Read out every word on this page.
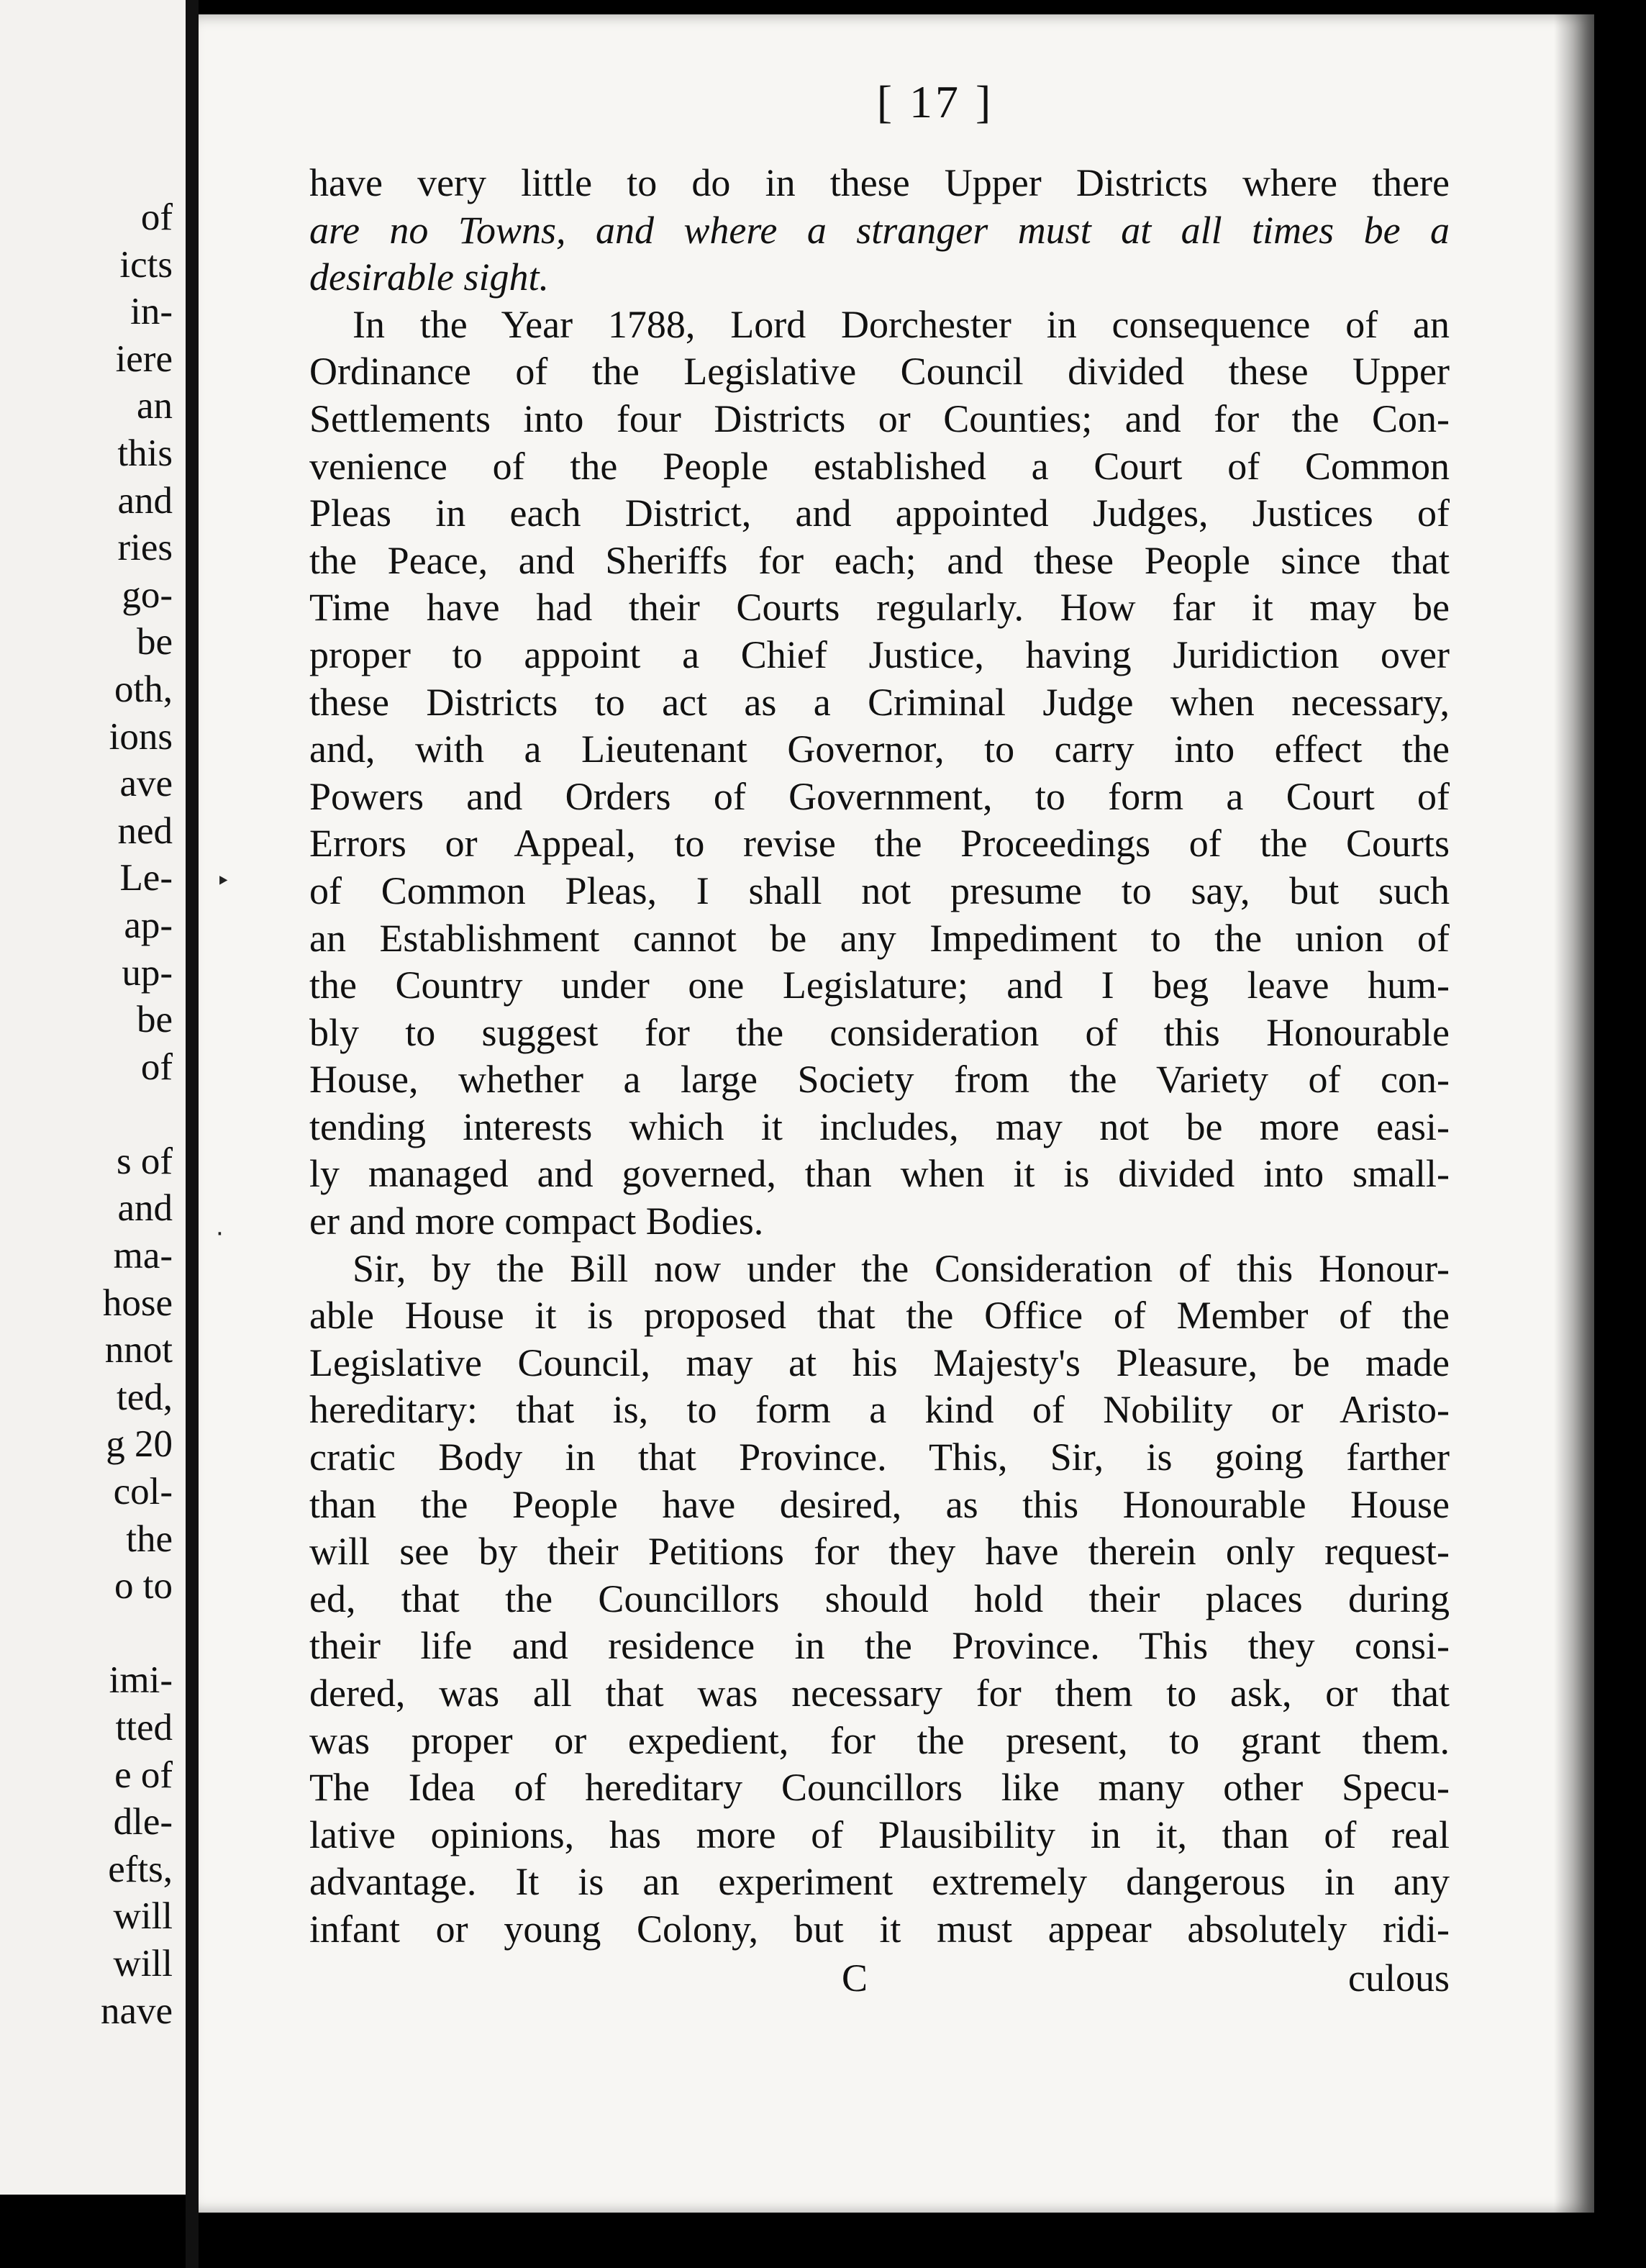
of
icts
in-
iere
an
this
and
ries
go-
be
oth,
ions
ave
ned
Le-
ap-
up-
be
of
s of
and
ma-
hose
nnot
ted,
g 20
col-
the
o to
imi-
tted
e of
dle-
efts,
will
will
nave
[ 17 ]
‣
·
have very little to do in these Upper Districts where there
are no Towns, and where a stranger must at all times be a
desirable sight.
In the Year 1788, Lord Dorchester in consequence of an
Ordinance of the Legislative Council divided these Upper
Settlements into four Districts or Counties; and for the Con-
venience of the People established a Court of Common
Pleas in each District, and appointed Judges, Justices of
the Peace, and Sheriffs for each; and these People since that
Time have had their Courts regularly. How far it may be
proper to appoint a Chief Justice, having Juridiction over
these Districts to act as a Criminal Judge when necessary,
and, with a Lieutenant Governor, to carry into effect the
Powers and Orders of Government, to form a Court of
Errors or Appeal, to revise the Proceedings of the Courts
of Common Pleas, I shall not presume to say, but such
an Establishment cannot be any Impediment to the union of
the Country under one Legislature; and I beg leave hum-
bly to suggest for the consideration of this Honourable
House, whether a large Society from the Variety of con-
tending interests which it includes, may not be more easi-
ly managed and governed, than when it is divided into small-
er and more compact Bodies.
Sir, by the Bill now under the Consideration of this Honour-
able House it is proposed that the Office of Member of the
Legislative Council, may at his Majesty's Pleasure, be made
hereditary: that is, to form a kind of Nobility or Aristo-
cratic Body in that Province. This, Sir, is going farther
than the People have desired, as this Honourable House
will see by their Petitions for they have therein only request-
ed, that the Councillors should hold their places during
their life and residence in the Province. This they consi-
dered, was all that was necessary for them to ask, or that
was proper or expedient, for the present, to grant them.
The Idea of hereditary Councillors like many other Specu-
lative opinions, has more of Plausibility in it, than of real
advantage. It is an experiment extremely dangerous in any
infant or young Colony, but it must appear absolutely ridi-
C	culous
